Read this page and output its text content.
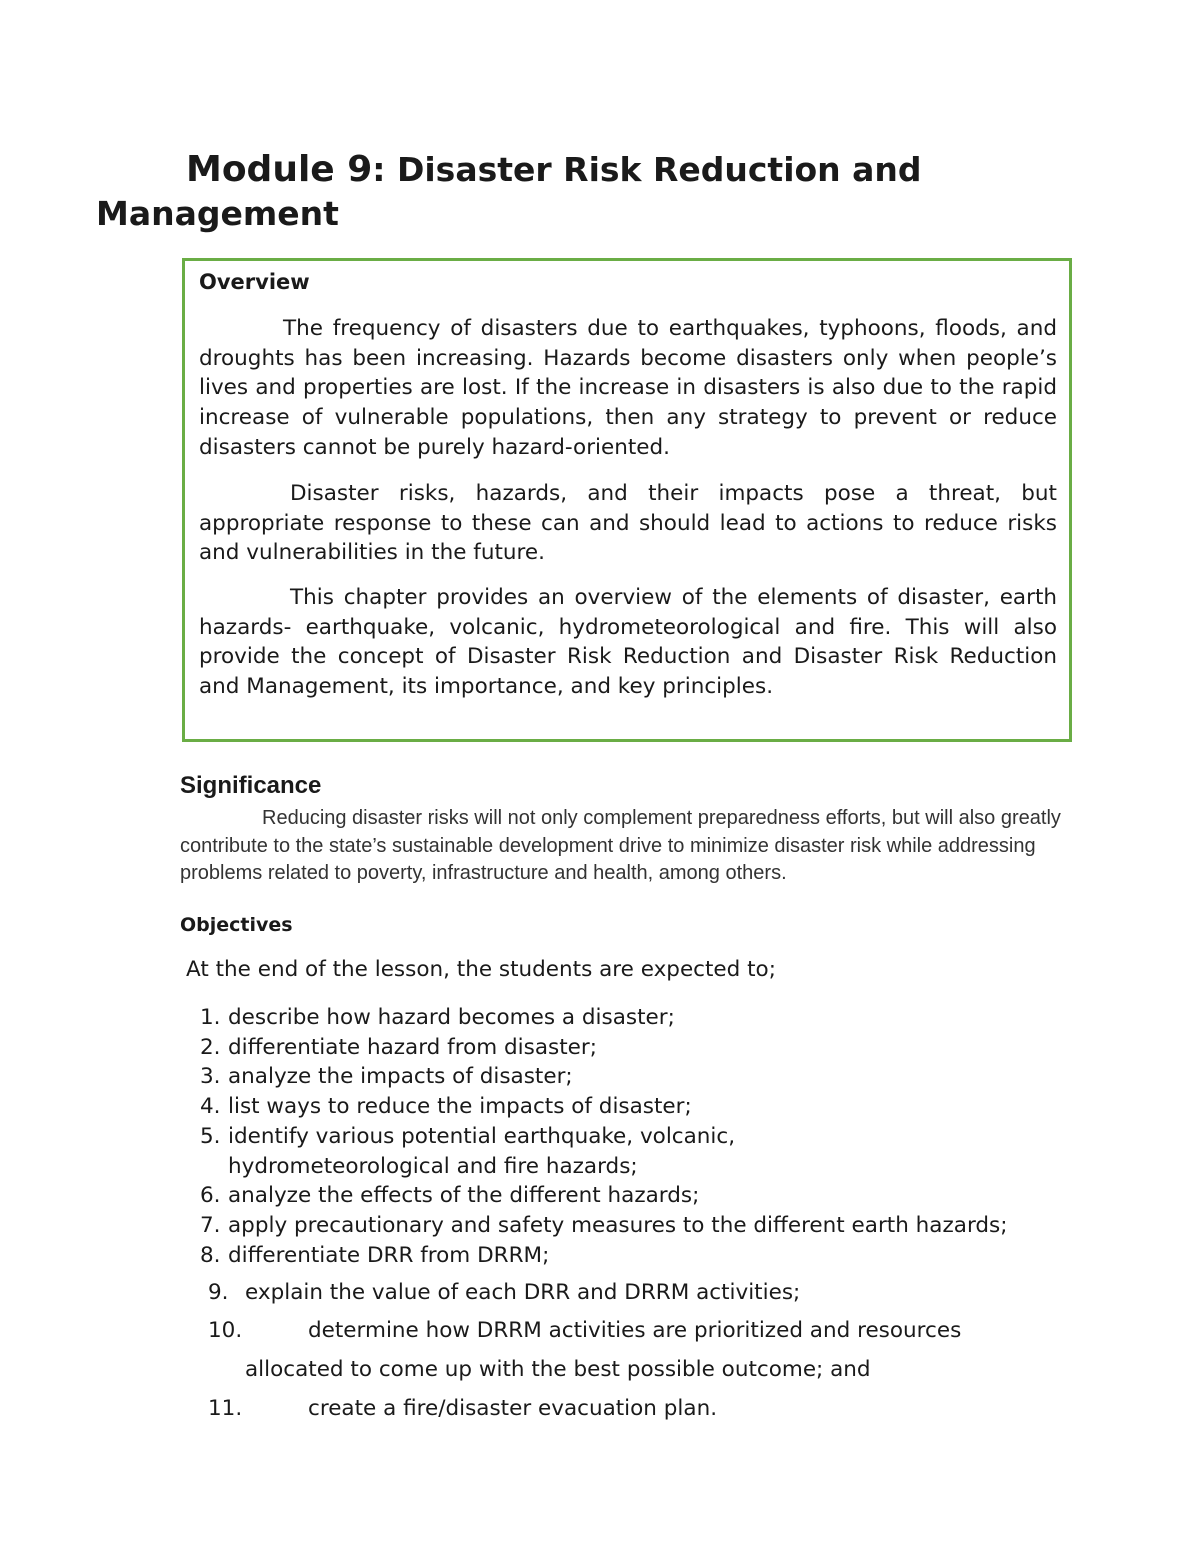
Module 9: Disaster Risk Reduction and
Management
Overview

The frequency of disasters due to earthquakes, typhoons, floods, and droughts has been increasing. Hazards become disasters only when people’s lives and properties are lost. If the increase in disasters is also due to the rapid increase of vulnerable populations, then any strategy to prevent or reduce disasters cannot be purely hazard-oriented.

Disaster risks, hazards, and their impacts pose a threat, but appropriate response to these can and should lead to actions to reduce risks and vulnerabilities in the future.

This chapter provides an overview of the elements of disaster, earth hazards- earthquake, volcanic, hydrometeorological and fire. This will also provide the concept of Disaster Risk Reduction and Disaster Risk Reduction and Management, its importance, and key principles.

Significance

Reducing disaster risks will not only complement preparedness efforts, but will also greatly contribute to the state’s sustainable development drive to minimize disaster risk while addressing problems related to poverty, infrastructure and health, among others.

Objectives

At the end of the lesson, the students are expected to;

1. describe how hazard becomes a disaster;
2. differentiate hazard from disaster;
3. analyze the impacts of disaster;
4. list ways to reduce the impacts of disaster;
5. identify various potential earthquake, volcanic, hydrometeorological and fire hazards;
6. analyze the effects of the different hazards;
7. apply precautionary and safety measures to the different earth hazards;
8. differentiate DRR from DRRM;

9. explain the value of each DRR and DRRM activities;

10.	determine how DRRM activities are prioritized and resources

allocated to come up with the best possible outcome; and

11.	create a fire/disaster evacuation plan.
